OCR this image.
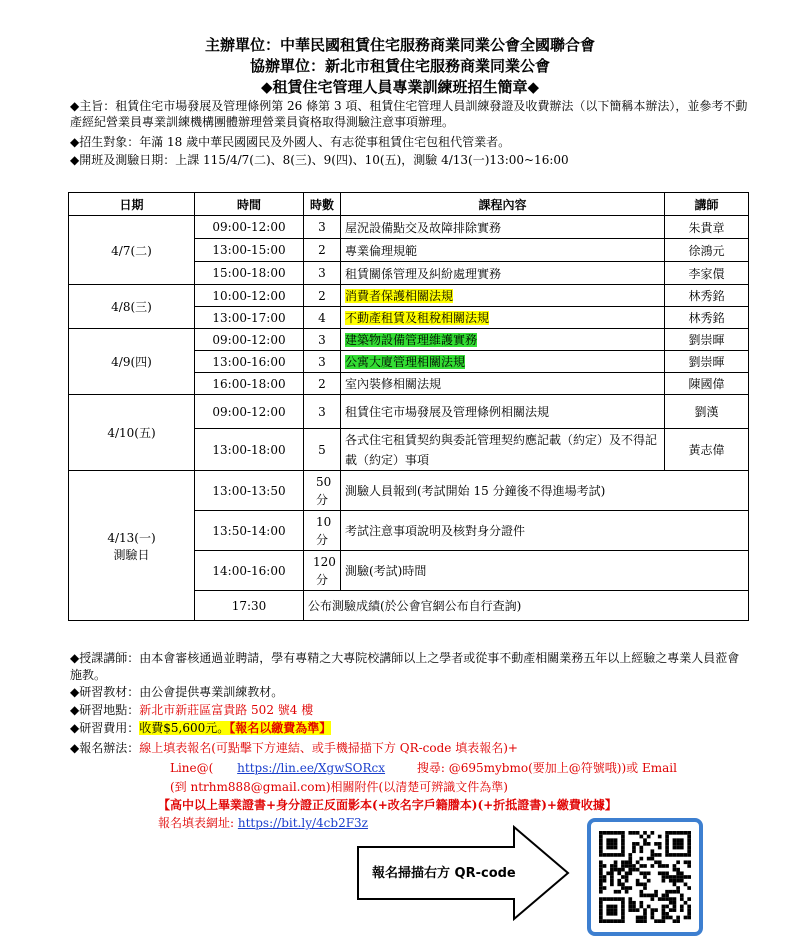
主辦單位：中華民國租賃住宅服務商業同業公會全國聯合會
協辦單位：新北市租賃住宅服務商業同業公會
◆租賃住宅管理人員專業訓練班招生簡章◆
◆主旨：租賃住宅市場發展及管理條例第 26 條第 3 項、租賃住宅管理人員訓練發證及收費辦法（以下簡稱本辦法），並參考不動產經紀營業員專業訓練機構團體辦理營業員資格取得測驗注意事項辦理。
◆招生對象：年滿 18 歲中華民國國民及外國人、有志從事租賃住宅包租代管業者。
◆開班及測驗日期：上課 115/4/7(二)、8(三)、9(四)、10(五)，測驗 4/13(一)13:00~16:00
日期	時間	時數	課程內容	講師
4/7(二)	09:00-12:00	3	屋況設備點交及故障排除實務	朱貴章
	13:00-15:00	2	專業倫理規範	徐鴻元
	15:00-18:00	3	租賃關係管理及糾紛處理實務	李家儇
4/8(三)	10:00-12:00	2	消費者保護相關法規	林秀銘
	13:00-17:00	4	不動產租賃及租稅相關法規	林秀銘
4/9(四)	09:00-12:00	3	建築物設備管理維護實務	劉崇暉
	13:00-16:00	3	公寓大廈管理相關法規	劉崇暉
	16:00-18:00	2	室內裝修相關法規	陳國偉
4/10(五)	09:00-12:00	3	租賃住宅市場發展及管理條例相關法規	劉漢
	13:00-18:00	5	各式住宅租賃契約與委託管理契約應記載（約定）及不得記載（約定）事項	黃志偉

4/13(一)
測驗日	13:00-13:50	50分	測驗人員報到(考試開始 15 分鐘後不得進場考試)	
	13:50-14:00	10分	考試注意事項說明及核對身分證件	
	14:00-16:00	120分	測驗(考試)時間	
	17:30	公布測驗成績(於公會官網公布自行查詢)		
◆授課講師：由本會審核通過並聘請，學有專精之大專院校講師以上之學者或從事不動產相關業務五年以上經驗之專業人員蒞會施教。
◆研習教材：由公會提供專業訓練教材。
◆研習地點：新北市新莊區富貴路 502 號4 樓
◆研習費用：收費$5,600元。【報名以繳費為準】
◆報名辦法：線上填表報名(可點擊下方連結、或手機掃描下方 QR-code 填表報名)+
Line@( https://lin.ee/XgwSORcx	搜尋: @695mybmo(要加上@符號哦))或 Email
(到 ntrhm888@gmail.com)相關附件(以清楚可辨識文件為準)
【高中以上畢業證書+身分證正反面影本(+改名字戶籍謄本)(+折抵證書)+繳費收據】
報名填表網址: https://bit.ly/4cb2F3z
報名掃描右方 QR-code
